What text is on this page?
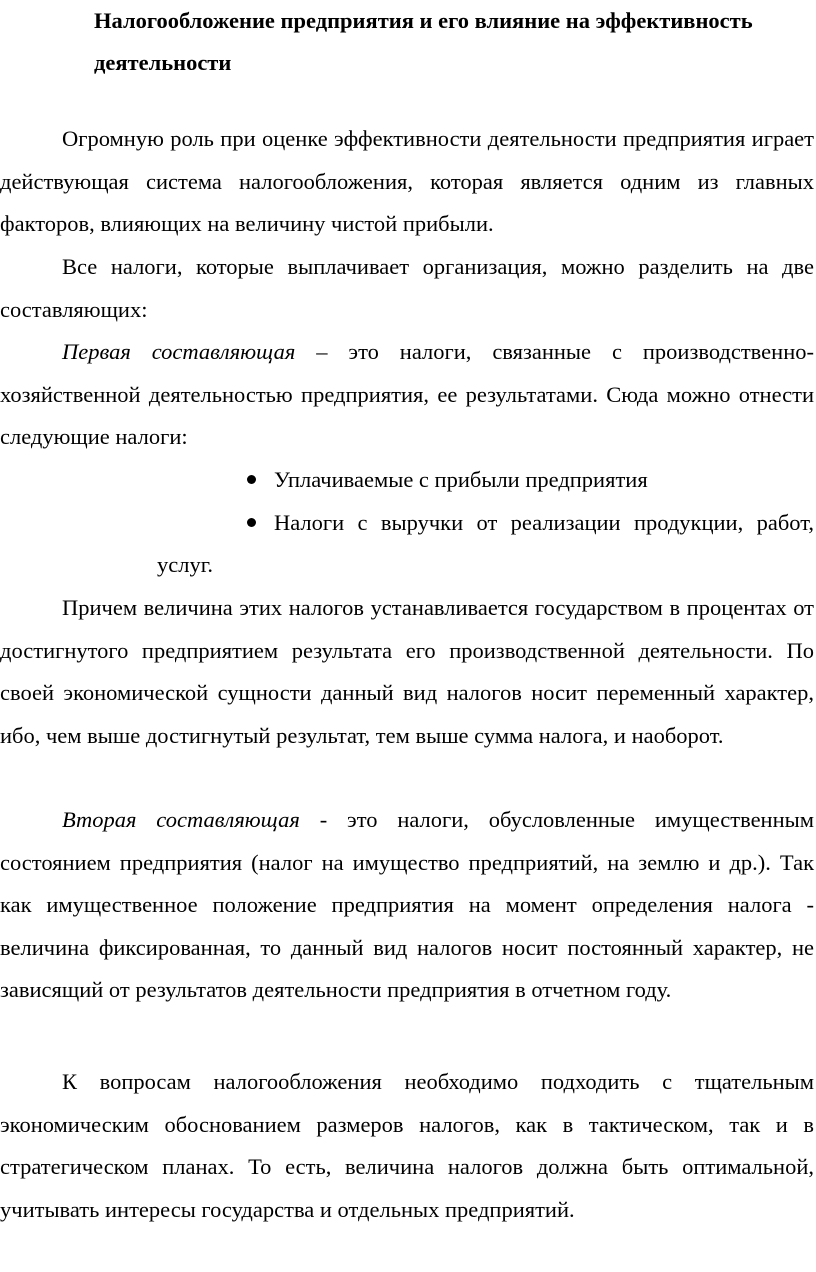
Налогообложение предприятия и его влияние на эффективность деятельности

Огромную роль при оценке эффективности деятельности предприятия играет действующая система налогообложения, которая является одним из главных факторов, влияющих на величину чистой прибыли.

Все налоги, которые выплачивает организация, можно разделить на две составляющих:

Первая составляющая – это налоги, связанные с производственно-хозяйственной деятельностью предприятия, ее результатами. Сюда можно отнести следующие налоги:

Уплачиваемые с прибыли предприятия
Налоги с выручки от реализации продукции, работ, услуг.

Причем величина этих налогов устанавливается государством в процентах от достигнутого предприятием результата его производственной деятельности. По своей экономической сущности данный вид налогов носит переменный характер, ибо, чем выше достигнутый результат, тем выше сумма налога, и наоборот.

Вторая составляющая - это налоги, обусловленные имущественным состоянием предприятия (налог на имущество предприятий, на землю и др.). Так как имущественное положение предприятия на момент определения налога - величина фиксированная, то данный вид налогов носит постоянный характер, не зависящий от результатов деятельности предприятия в отчетном году.

К вопросам налогообложения необходимо подходить с тщательным экономическим обоснованием размеров налогов, как в тактическом, так и в стратегическом планах. То есть, величина налогов должна быть оптимальной, учитывать интересы государства и отдельных предприятий.
